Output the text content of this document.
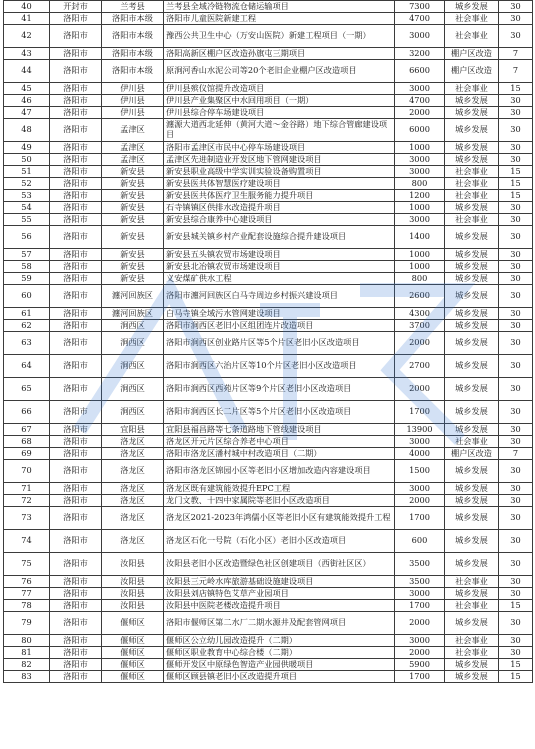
40	开封市	兰考县	兰考县全域冷链物流仓储运输项目	7300	城乡发展	30
41	洛阳市	洛阳市本级	洛阳市儿童医院新建工程	4700	社会事业	30
42	洛阳市	洛阳市本级	豫西公共卫生中心（万安山医院）新建工程项目（一期）	3000	社会事业	30
43	洛阳市	洛阳市本级	洛阳高新区棚户区改造孙旗屯三期项目	3200	棚户区改造	7
44	洛阳市	洛阳市本级	原涧河香山水泥公司等20个老旧企业棚户区改造项目	6600	棚户区改造	7
45	洛阳市	伊川县	伊川县殡仪馆提升改造项目	3000	社会事业	15
46	洛阳市	伊川县	伊川县产业集聚区中水回用项目（一期）	4700	城乡发展	30
47	洛阳市	伊川县	伊川县综合停车场建设项目	2000	城乡发展	30
48	洛阳市	孟津区	瀍源大道西北延伸（黄河大道～金谷路）地下综合管廊建设项目	6000	城乡发展	30
49	洛阳市	孟津区	洛阳市孟津区市民中心停车场建设项目	1000	城乡发展	30
50	洛阳市	孟津区	孟津区先进制造业开发区地下管网建设项目	3000	城乡发展	30
51	洛阳市	新安县	新安县职业高级中学实训实验设备购置项目	3000	社会事业	15
52	洛阳市	新安县	新安县医共体智慧医疗建设项目	800	社会事业	15
53	洛阳市	新安县	新安县医共体医疗卫生服务能力提升项目	1200	社会事业	15
54	洛阳市	新安县	石寺镇镇区供排水改造提升项目	1000	城乡发展	30
55	洛阳市	新安县	新安县综合康养中心建设项目	3000	社会事业	30
56	洛阳市	新安县	新安县城关镇乡村产业配套设施综合提升建设项目	1400	城乡发展	30
57	洛阳市	新安县	新安县五头镇农贸市场建设项目	1000	城乡发展	30
58	洛阳市	新安县	新安县北冶镇农贸市场建设项目	1000	城乡发展	30
59	洛阳市	新安县	义安煤矿供水工程	800	城乡发展	30
60	洛阳市	瀍河回族区	洛阳市瀍河回族区白马寺周边乡村振兴建设项目	2600	城乡发展	30
61	洛阳市	瀍河回族区	白马寺镇全域污水管网建设项目	4300	城乡发展	30
62	洛阳市	涧西区	洛阳市涧西区老旧小区组团连片改造项目	3700	城乡发展	30
63	洛阳市	涧西区	洛阳市涧西区创业路片区等5个片区老旧小区改造项目	2000	城乡发展	30
64	洛阳市	涧西区	洛阳市涧西区六治片区等10个片区老旧小区改造项目	2700	城乡发展	30
65	洛阳市	涧西区	洛阳市涧西区西苑片区等9个片区老旧小区改造项目	2000	城乡发展	30
66	洛阳市	涧西区	洛阳市涧西区长二片区等5个片区老旧小区改造项目	1700	城乡发展	30
67	洛阳市	宜阳县	宜阳县福昌路等七条道路地下管线建设项目	13900	城乡发展	30
68	洛阳市	洛龙区	洛龙区开元片区综合养老中心项目	3000	社会事业	30
69	洛阳市	洛龙区	洛阳市洛龙区潘村城中村改造项目（二期）	4000	棚户区改造	7
70	洛阳市	洛龙区	洛阳市洛龙区锦园小区等老旧小区增加改造内容建设项目	1500	城乡发展	30
71	洛阳市	洛龙区	洛龙区既有建筑能效提升EPC工程	3000	城乡发展	30
72	洛阳市	洛龙区	龙门文教、十四中家属院等老旧小区改造项目	2000	城乡发展	30
73	洛阳市	洛龙区	洛龙区2021-2023年鸿儒小区等老旧小区有建筑能效提升工程	1700	城乡发展	30
74	洛阳市	洛龙区	洛龙区石化一号院（石化小区）老旧小区改造项目	600	城乡发展	30
75	洛阳市	汝阳县	汝阳县老旧小区改造暨绿色社区创建项目（西街社区区）	3500	城乡发展	30
76	洛阳市	汝阳县	汝阳县三元岭水库旅游基础设施建设项目	3500	社会事业	30
77	洛阳市	汝阳县	汝阳县刘店镇特色艾草产业园项目	3000	城乡发展	30
78	洛阳市	汝阳县	汝阳县中医院老楼改造提升项目	1700	社会事业	15
79	洛阳市	偃师区	洛阳市偃师区第二水厂二期水源井及配套管网项目	2000	城乡发展	30
80	洛阳市	偃师区	偃师区公立幼儿园改造提升（二期）	3000	社会事业	30
81	洛阳市	偃师区	偃师区职业教育中心综合楼（二期）	2000	社会事业	30
82	洛阳市	偃师区	偃师开发区中原绿色智造产业园供暖项目	5900	城乡发展	15
83	洛阳市	偃师区	偃师区顾县镇老旧小区改造提升项目	1700	城乡发展	15
